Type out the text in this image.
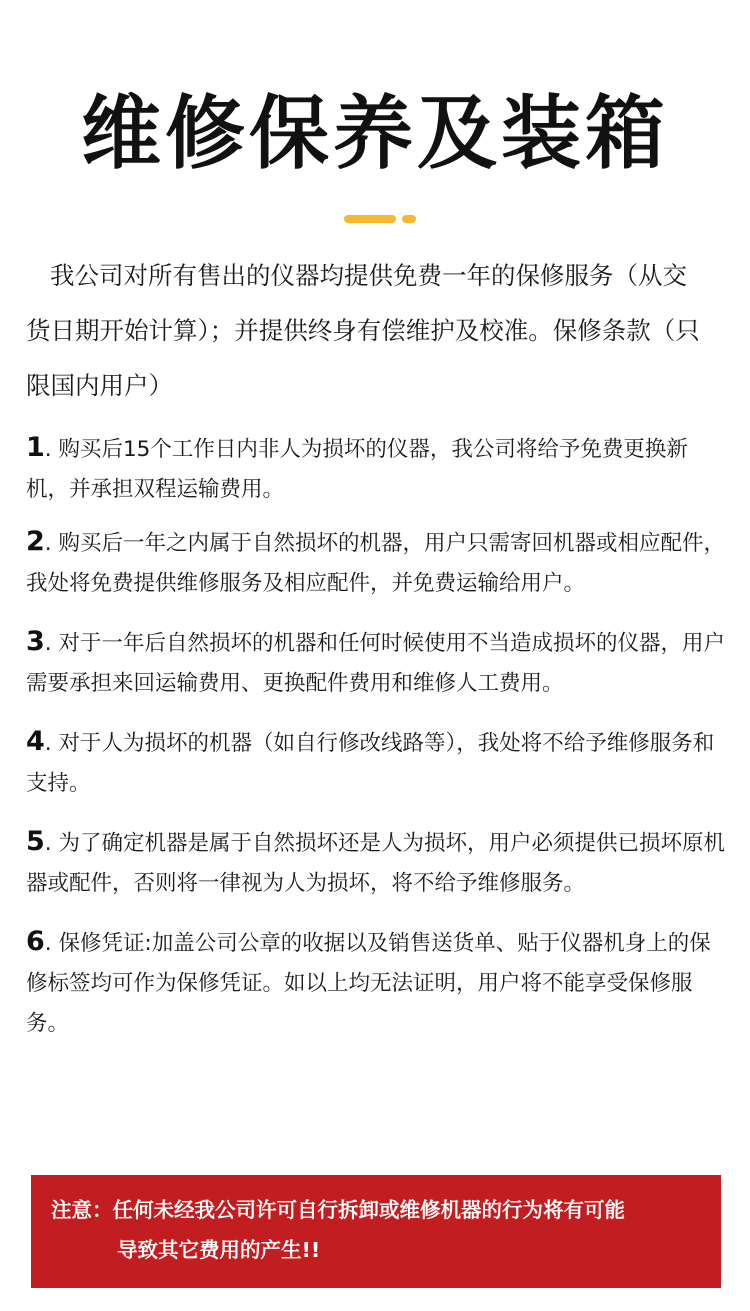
维修保养及装箱

我公司对所有售出的仪器均提供免费一年的保修服务（从交货日期开始计算）；并提供终身有偿维护及校准。保修条款（只限国内用户）

1. 购买后15个工作日内非人为损坏的仪器，我公司将给予免费更换新机，并承担双程运输费用。

2. 购买后一年之内属于自然损坏的机器，用户只需寄回机器或相应配件，我处将免费提供维修服务及相应配件，并免费运输给用户。

3. 对于一年后自然损坏的机器和任何时候使用不当造成损坏的仪器，用户需要承担来回运输费用、更换配件费用和维修人工费用。

4. 对于人为损坏的机器（如自行修改线路等），我处将不给予维修服务和支持。

5. 为了确定机器是属于自然损坏还是人为损坏，用户必须提供已损坏原机器或配件，否则将一律视为人为损坏，将不给予维修服务。

6. 保修凭证:加盖公司公章的收据以及销售送货单、贴于仪器机身上的保修标签均可作为保修凭证。如以上均无法证明，用户将不能享受保修服务。

注意：任何未经我公司许可自行拆卸或维修机器的行为将有可能

导致其它费用的产生!!
